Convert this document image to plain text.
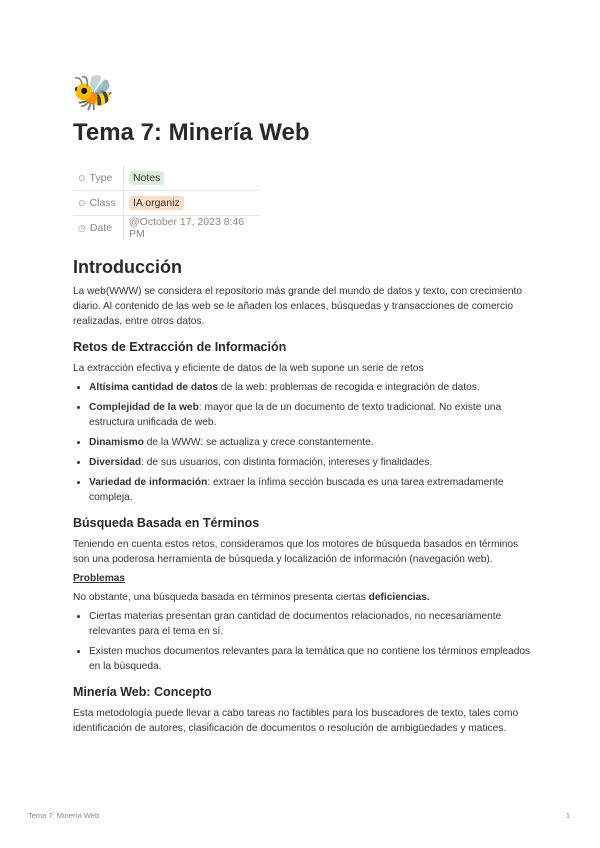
🐝
Tema 7: Minería Web
⊙ Type	Notes
⊙ Class	IA organiz
◷ Date	@October 17, 2023 8:46 PM
Introducción

La web(WWW) se considera el repositorio más grande del mundo de datos y texto, con crecimiento diario. Al contenido de las web se le añaden los enlaces, búsquedas y transacciones de comercio realizadas, entre otros datos.

Retos de Extracción de Información

La extracción efectiva y eficiente de datos de la web supone un serie de retos

• Altísima cantidad de datos de la web: problemas de recogida e integración de datos.
• Complejidad de la web: mayor que la de un documento de texto tradicional. No existe una estructura unificada de web.
• Dinamismo de la WWW: se actualiza y crece constantemente.
• Diversidad: de sus usuarios, con distinta formación, intereses y finalidades.
• Variedad de información: extraer la ínfima sección buscada es una tarea extremadamente compleja.
Búsqueda Basada en Términos

Teniendo en cuenta estos retos, consideramos que los motores de búsqueda basados en términos son una poderosa herramienta de búsqueda y localización de información (navegación web).

Problemas

No obstante, una búsqueda basada en términos presenta ciertas deficiencias.

• Ciertas materias presentan gran cantidad de documentos relacionados, no necesariamente relevantes para el tema en sí.
• Existen muchos documentos relevantes para la temática que no contiene los términos empleados en la búsqueda.
Minería Web: Concepto

Esta metodología puede llevar a cabo tareas no factibles para los buscadores de texto, tales como identificación de autores, clasificación de documentos o resolución de ambigüedades y matices.

Tema 7: Minería Web	1
